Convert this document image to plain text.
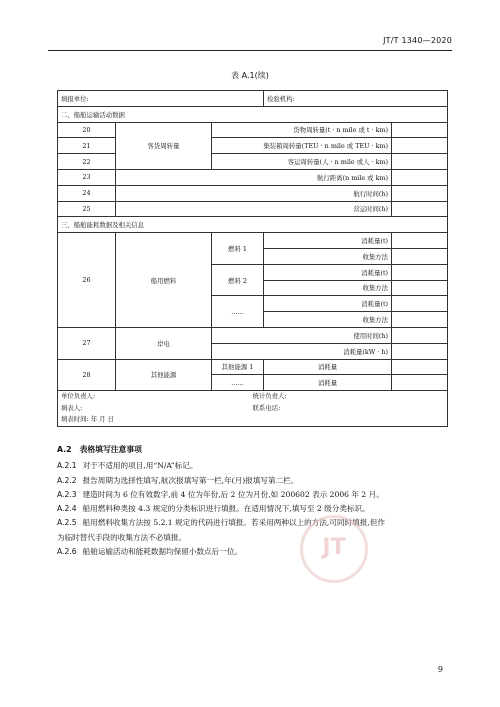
JT/T 1340—2020
表 A.1(续)
填报单位:			检验机构:	
二、船舶运输活动数据				
20	客货周转量	货物周转量(t · n mile 或 t · km)		
21		集装箱周转量(TEU · n mile 或 TEU · km)		
22		客运周转量(人 · n mile 或人 · km)		
23	航行距离(n mile 或 km)			
24	航行时间(h)			
25	营运时间(h)			
三、船舶能耗数据及相关信息				
26	船用燃料	燃料 1	消耗量(t)	
			收集方法	
		燃料 2	消耗量(t)	
			收集方法	
		……	消耗量(t)	
			收集方法	
27	岸电	使用时间(h)		
		消耗量(kW · h)		
28	其他能源	其他能源 1	消耗量	
		……	消耗量	

单位负责人:
填表人:
填表时间: 年 月 日
统计负责人:
联系电话:				
A.2 表格填写注意事项
A.2.1 对于不适用的项目,用“N/A”标记。
A.2.2 报告周期为选择性填写,航次报填写第一栏,年(月)报填写第二栏。
A.2.3 建造时间为 6 位有效数字,前 4 位为年份,后 2 位为月份,如 200602 表示 2006 年 2 月。
A.2.4 船用燃料种类按 4.3 规定的分类标识进行填报。在适用情况下,填写至 2 级分类标识。
A.2.5 船用燃料收集方法按 5.2.1 规定的代码进行填报。若采用两种以上的方法,可同时填报,但作
为临时替代手段的收集方法不必填报。
A.2.6 船舶运输活动和能耗数据均保留小数点后一位。	JT
9
